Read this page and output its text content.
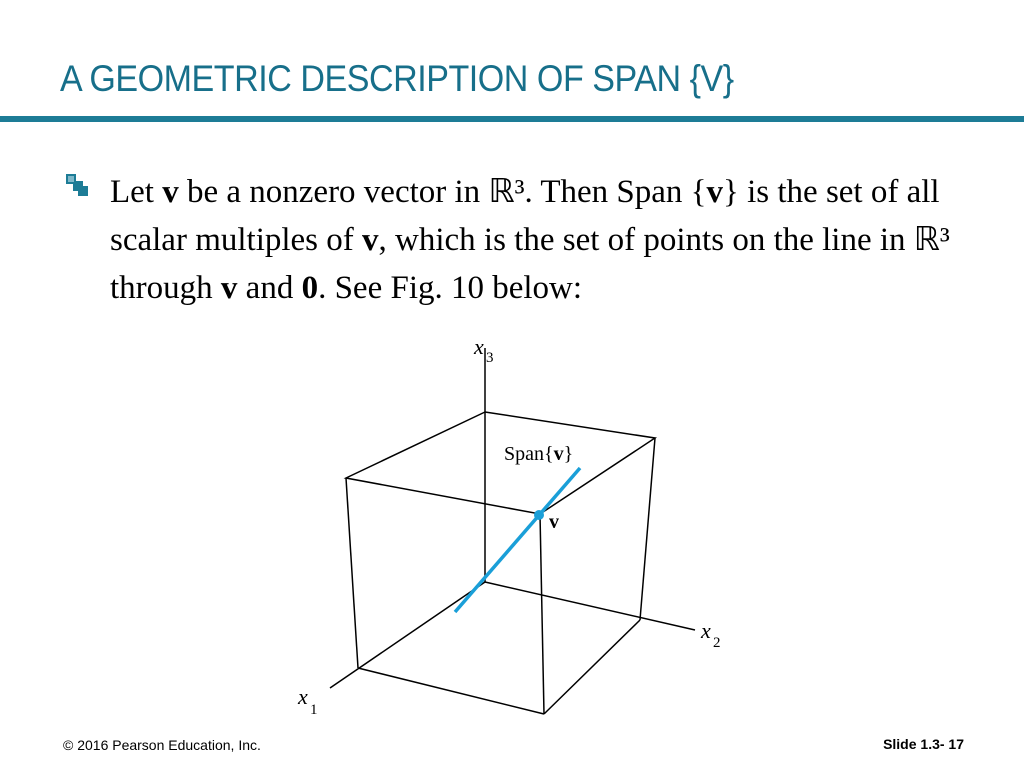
A GEOMETRIC DESCRIPTION OF SPAN {V}

Let v be a nonzero vector in ℝ³. Then Span {v} is the set of all scalar multiples of v, which is the set of points on the line in ℝ³ through v and 0. See Fig. 10 below:

x 3
x 2
x
1
Span{v}
v
© 2016 Pearson Education, Inc.	Slide 1.3- 17
